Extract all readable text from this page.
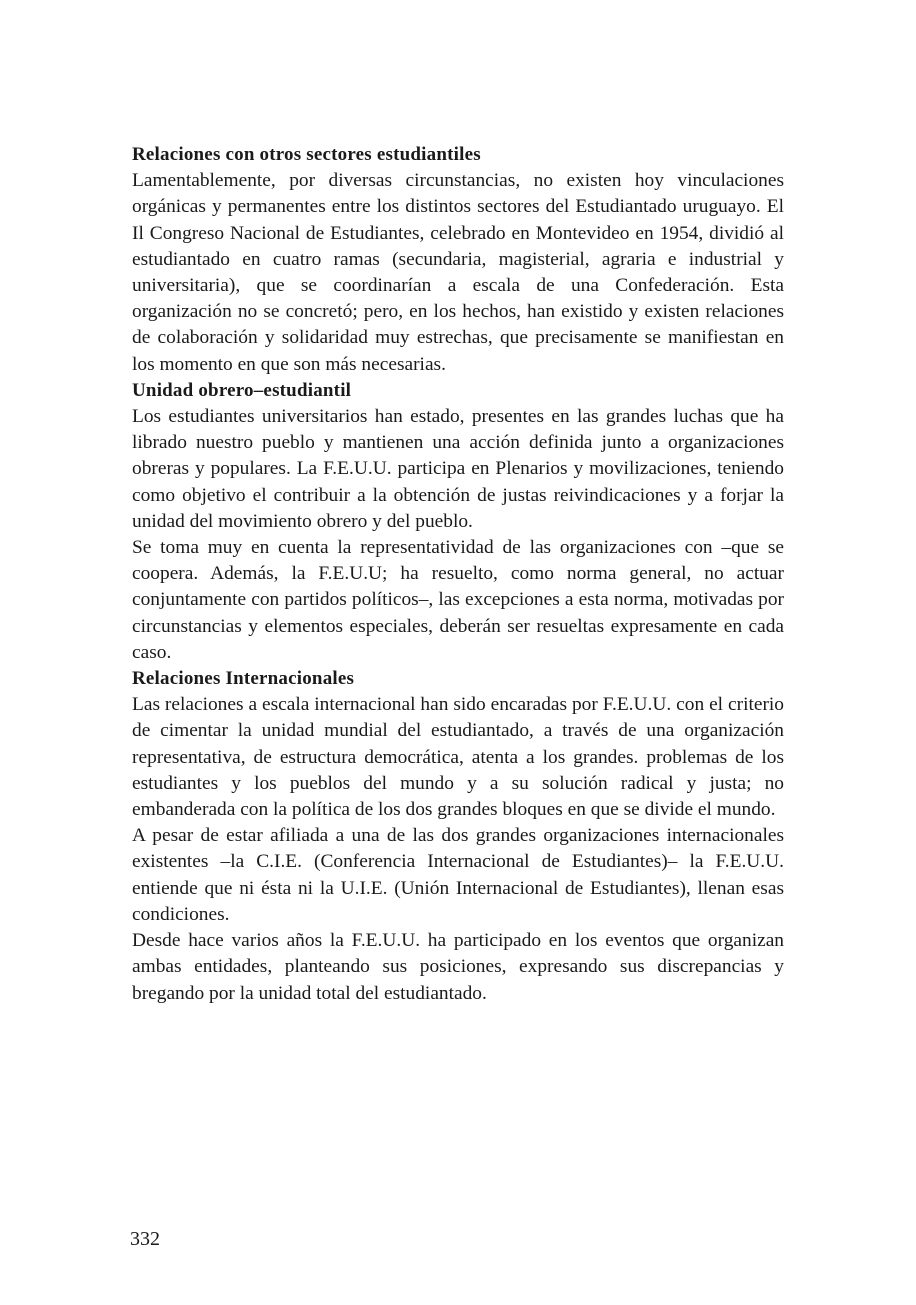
Relaciones con otros sectores estudiantiles

Lamentablemente, por diversas circunstancias, no existen hoy vinculaciones orgánicas y permanentes entre los distintos sectores del Estudiantado uruguayo. El Il Congreso Nacional de Estudiantes, celebrado en Montevideo en 1954, dividió al estudiantado en cuatro ramas (secundaria, magisterial, agraria e industrial y universitaria), que se coordinarían a escala de una Confederación. Esta organización no se concretó; pero, en los hechos, han existido y existen relaciones de colaboración y solidaridad muy estrechas, que precisamente se manifiestan en los momento en que son más necesarias.

Unidad obrero–estudiantil

Los estudiantes universitarios han estado, presentes en las grandes luchas que ha librado nuestro pueblo y mantienen una acción definida junto a organizaciones obreras y populares. La F.E.U.U. participa en Plenarios y movilizaciones, teniendo como objetivo el contribuir a la obtención de justas reivindicaciones y a forjar la unidad del movimiento obrero y del pueblo.

Se toma muy en cuenta la representatividad de las organizaciones con –que se coopera. Además, la F.E.U.U; ha resuelto, como norma general, no actuar conjuntamente con partidos políticos–, las excepciones a esta norma, motivadas por circunstancias y elementos especiales, deberán ser resueltas expresamente en cada caso.

Relaciones Internacionales

Las relaciones a escala internacional han sido encaradas por F.E.U.U. con el criterio de cimentar la unidad mundial del estudiantado, a través de una organización representativa, de estructura democrática, atenta a los grandes. problemas de los estudiantes y los pueblos del mundo y a su solución radical y justa; no embanderada con la política de los dos grandes bloques en que se divide el mundo.

A pesar de estar afiliada a una de las dos grandes organizaciones internacionales existentes –la C.I.E. (Conferencia Internacional de Estudiantes)– la F.E.U.U. entiende que ni ésta ni la U.I.E. (Unión Internacional de Estudiantes), llenan esas condiciones.

Desde hace varios años la F.E.U.U. ha participado en los eventos que organizan ambas entidades, planteando sus posiciones, expresando sus discrepancias y bregando por la unidad total del estudiantado.

332
